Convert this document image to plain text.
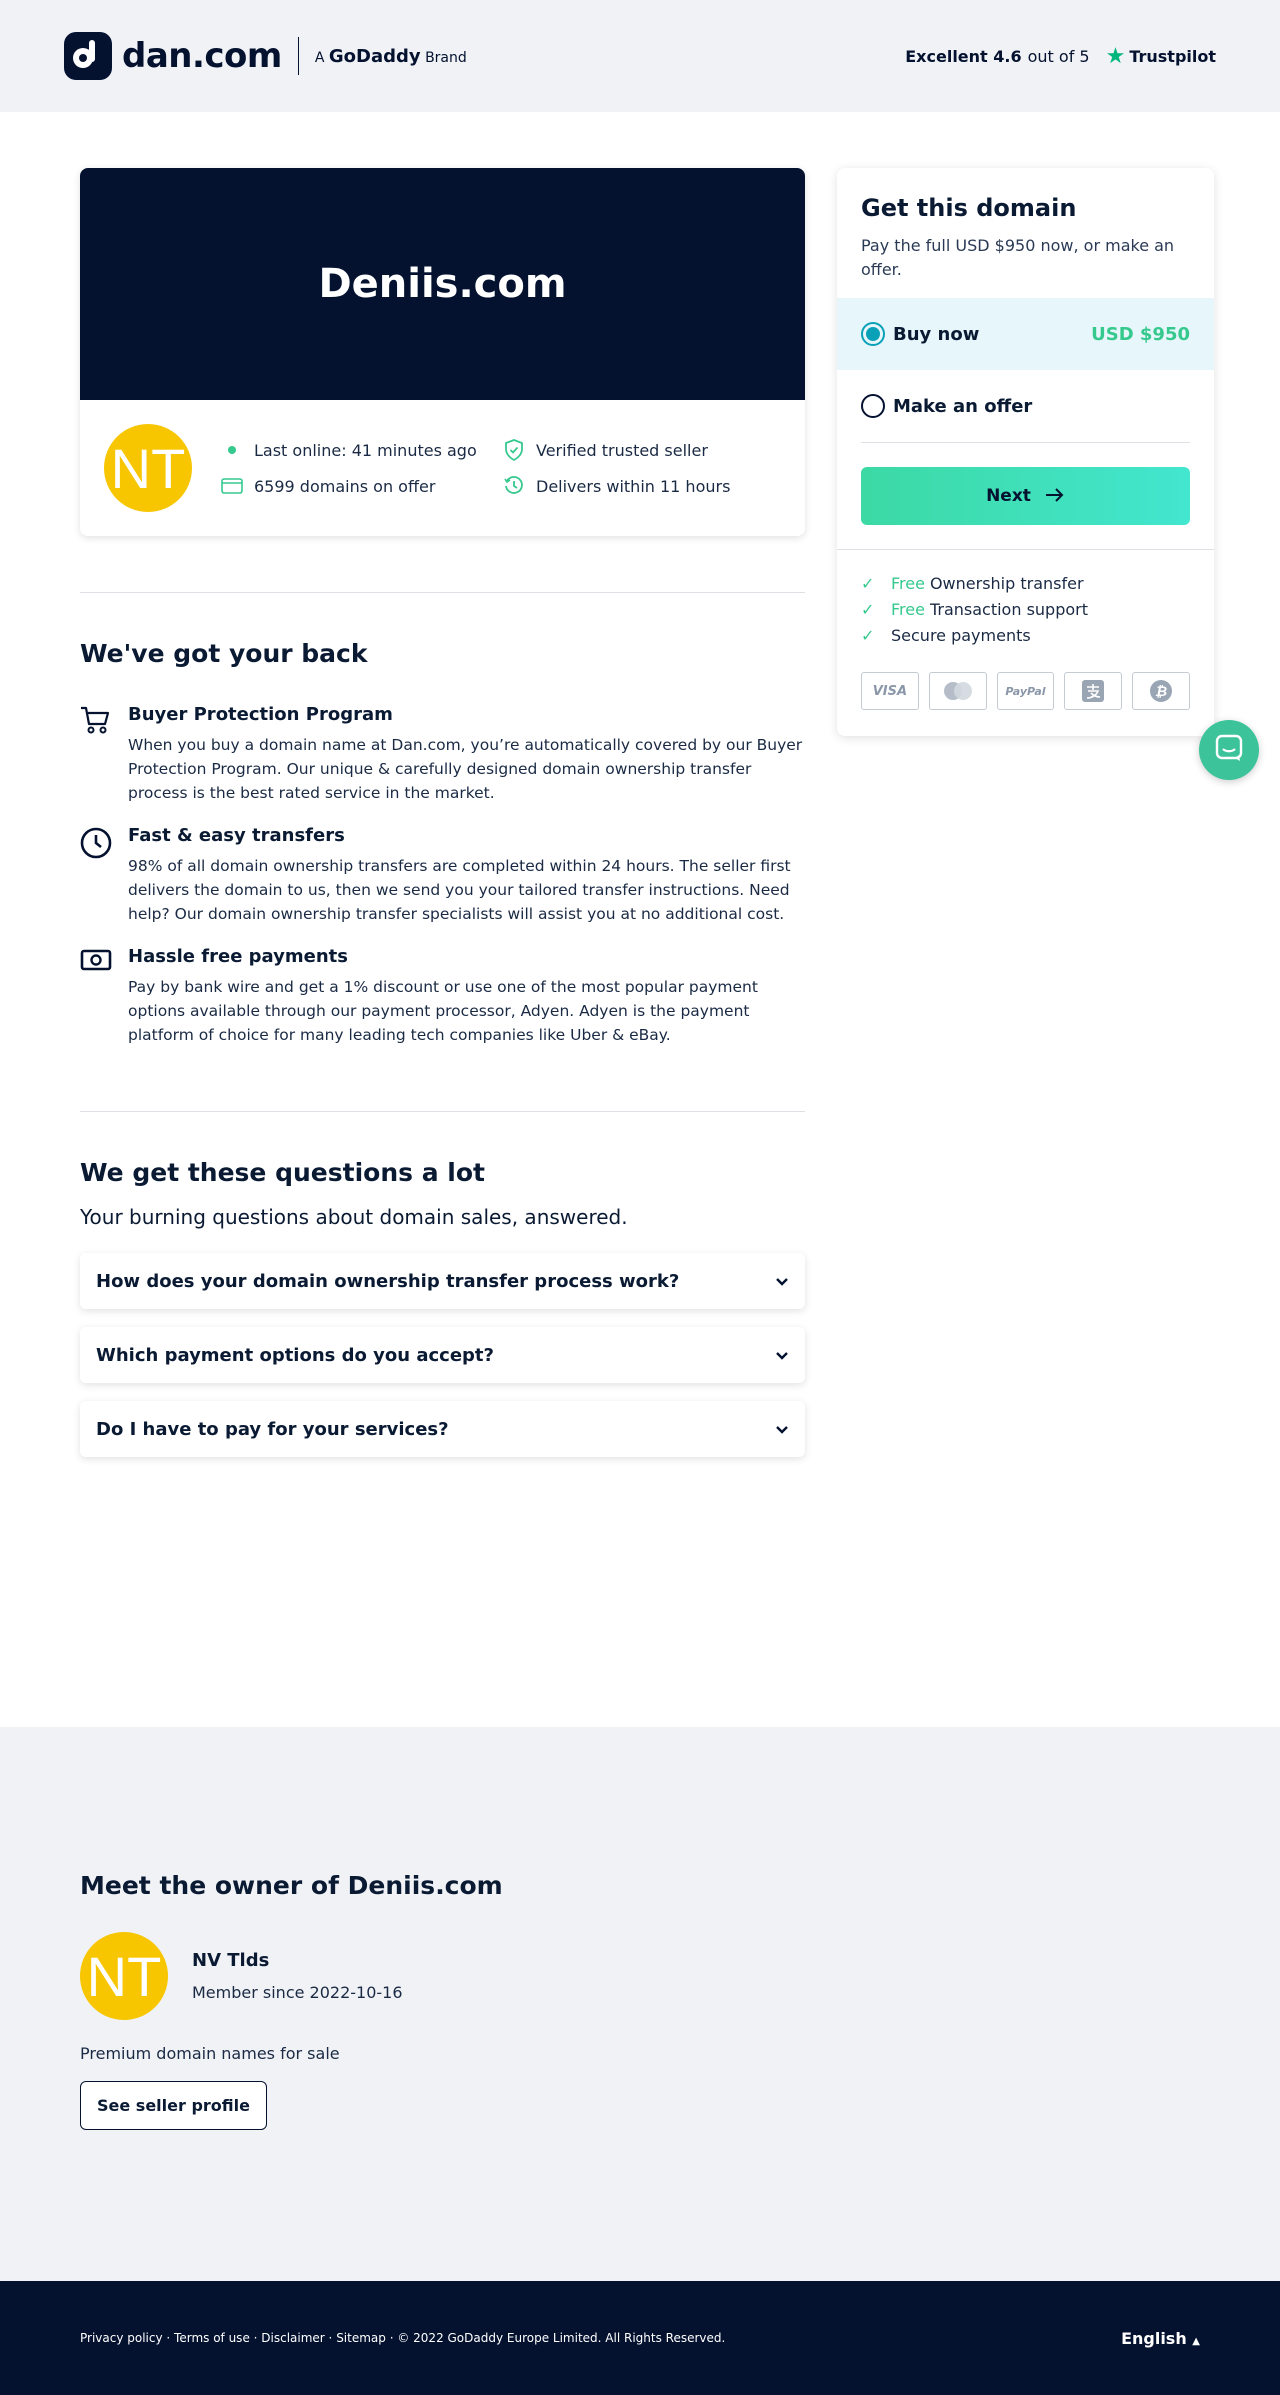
dan.com A GoDaddy Brand	Excellent 4.6 out of 5 ★ Trustpilot
Deniis.com
NT	Last online: 41 minutes ago	Verified trusted seller
6599 domains on offer	Delivers within 11 hours
We've got your back
Buyer Protection Program

When you buy a domain name at Dan.com, you’re automatically covered by our Buyer Protection Program. Our unique & carefully designed domain ownership transfer process is the best rated service in the market.

Fast & easy transfers

98% of all domain ownership transfers are completed within 24 hours. The seller first delivers the domain to us, then we send you your tailored transfer instructions. Need help? Our domain ownership transfer specialists will assist you at no additional cost.

Hassle free payments

Pay by bank wire and get a 1% discount or use one of the most popular payment options available through our payment processor, Adyen. Adyen is the payment platform of choice for many leading tech companies like Uber & eBay.

We get these questions a lot

Your burning questions about domain sales, answered.

How does your domain ownership transfer process work?
Which payment options do you accept?
Do I have to pay for your services?
Get this domain

Pay the full USD $950 now, or make an offer.

Buy now	USD $950
Make an offer
Next
✓	Free Ownership transfer
✓	Free Transaction support
✓	Secure payments
VISA	PayPal	₿
Meet the owner of Deniis.com
NT	NV Tlds
Member since 2022-10-16

Premium domain names for sale

See seller profile
Privacy policy · Terms of use · Disclaimer · Sitemap · © 2022 GoDaddy Europe Limited. All Rights Reserved.	English ▲
